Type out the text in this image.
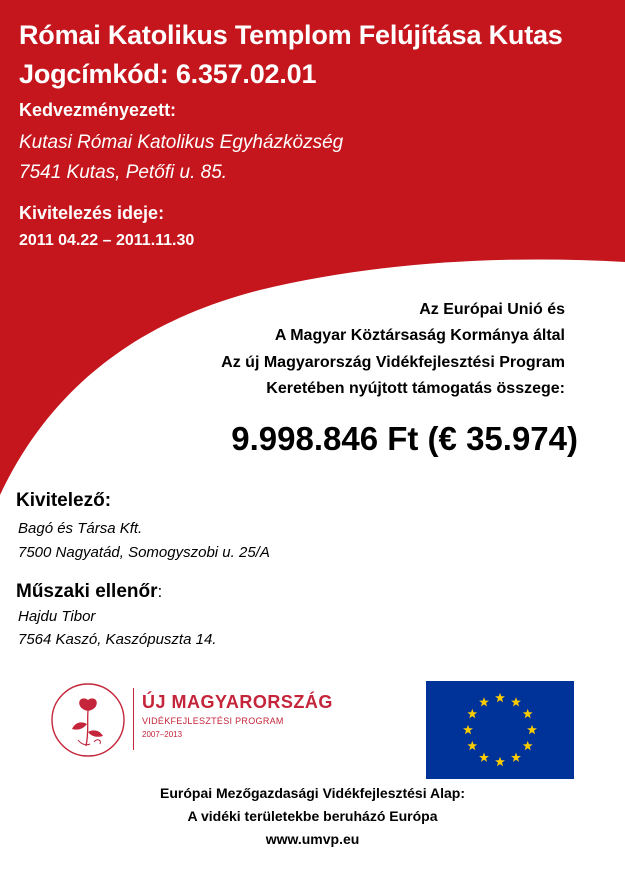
Római Katolikus Templom Felújítása Kutas
Jogcímkód: 6.357.02.01
Kedvezményezett:
Kutasi Római Katolikus Egyházközség
7541 Kutas, Petőfi u. 85.
Kivitelezés ideje:
2011 04.22 – 2011.11.30
Az Európai Unió és
A Magyar Köztársaság Kormánya által
Az új Magyarország Vidékfejlesztési Program
Keretében nyújtott támogatás összege:
9.998.846 Ft (€ 35.974)
Kivitelező:
Bagó és Társa Kft.
7500 Nagyatád, Somogyszobi u. 25/A
Műszaki ellenőr:
Hajdu Tibor
7564 Kaszó, Kaszópuszta 14.
ÚJ MAGYARORSZÁG
VIDÉKFEJLESZTÉSI PROGRAM
2007–2013
Európai Mezőgazdasági Vidékfejlesztési Alap:
A vidéki területekbe beruházó Európa
www.umvp.eu
